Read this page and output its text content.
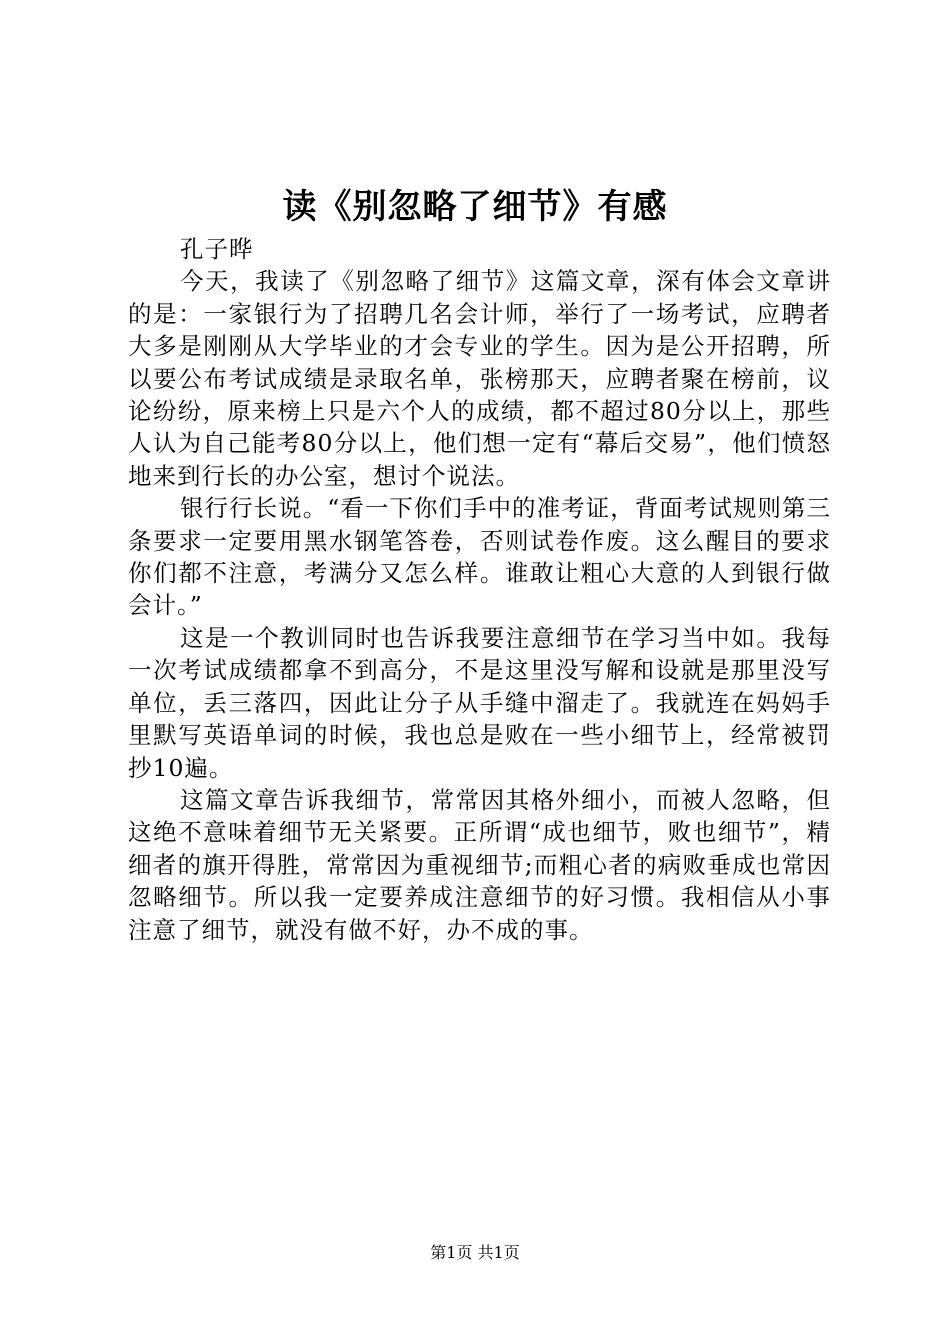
读《别忽略了细节》有感

孔子晔

今天，我读了《别忽略了细节》这篇文章，深有体会文章讲的是：一家银行为了招聘几名会计师，举行了一场考试，应聘者大多是刚刚从大学毕业的才会专业的学生。因为是公开招聘，所以要公布考试成绩是录取名单，张榜那天，应聘者聚在榜前，议论纷纷，原来榜上只是六个人的成绩，都不超过80分以上，那些人认为自己能考80分以上，他们想一定有“幕后交易”，他们愤怒地来到行长的办公室，想讨个说法。

银行行长说。“看一下你们手中的准考证，背面考试规则第三条要求一定要用黑水钢笔答卷，否则试卷作废。这么醒目的要求你们都不注意，考满分又怎么样。谁敢让粗心大意的人到银行做会计。”

这是一个教训同时也告诉我要注意细节在学习当中如。我每一次考试成绩都拿不到高分，不是这里没写解和设就是那里没写单位，丢三落四，因此让分子从手缝中溜走了。我就连在妈妈手里默写英语单词的时候，我也总是败在一些小细节上，经常被罚抄10遍。

这篇文章告诉我细节，常常因其格外细小，而被人忽略，但这绝不意味着细节无关紧要。正所谓“成也细节，败也细节”，精细者的旗开得胜，常常因为重视细节;而粗心者的病败垂成也常因忽略细节。所以我一定要养成注意细节的好习惯。我相信从小事注意了细节，就没有做不好，办不成的事。

第1页 共1页
